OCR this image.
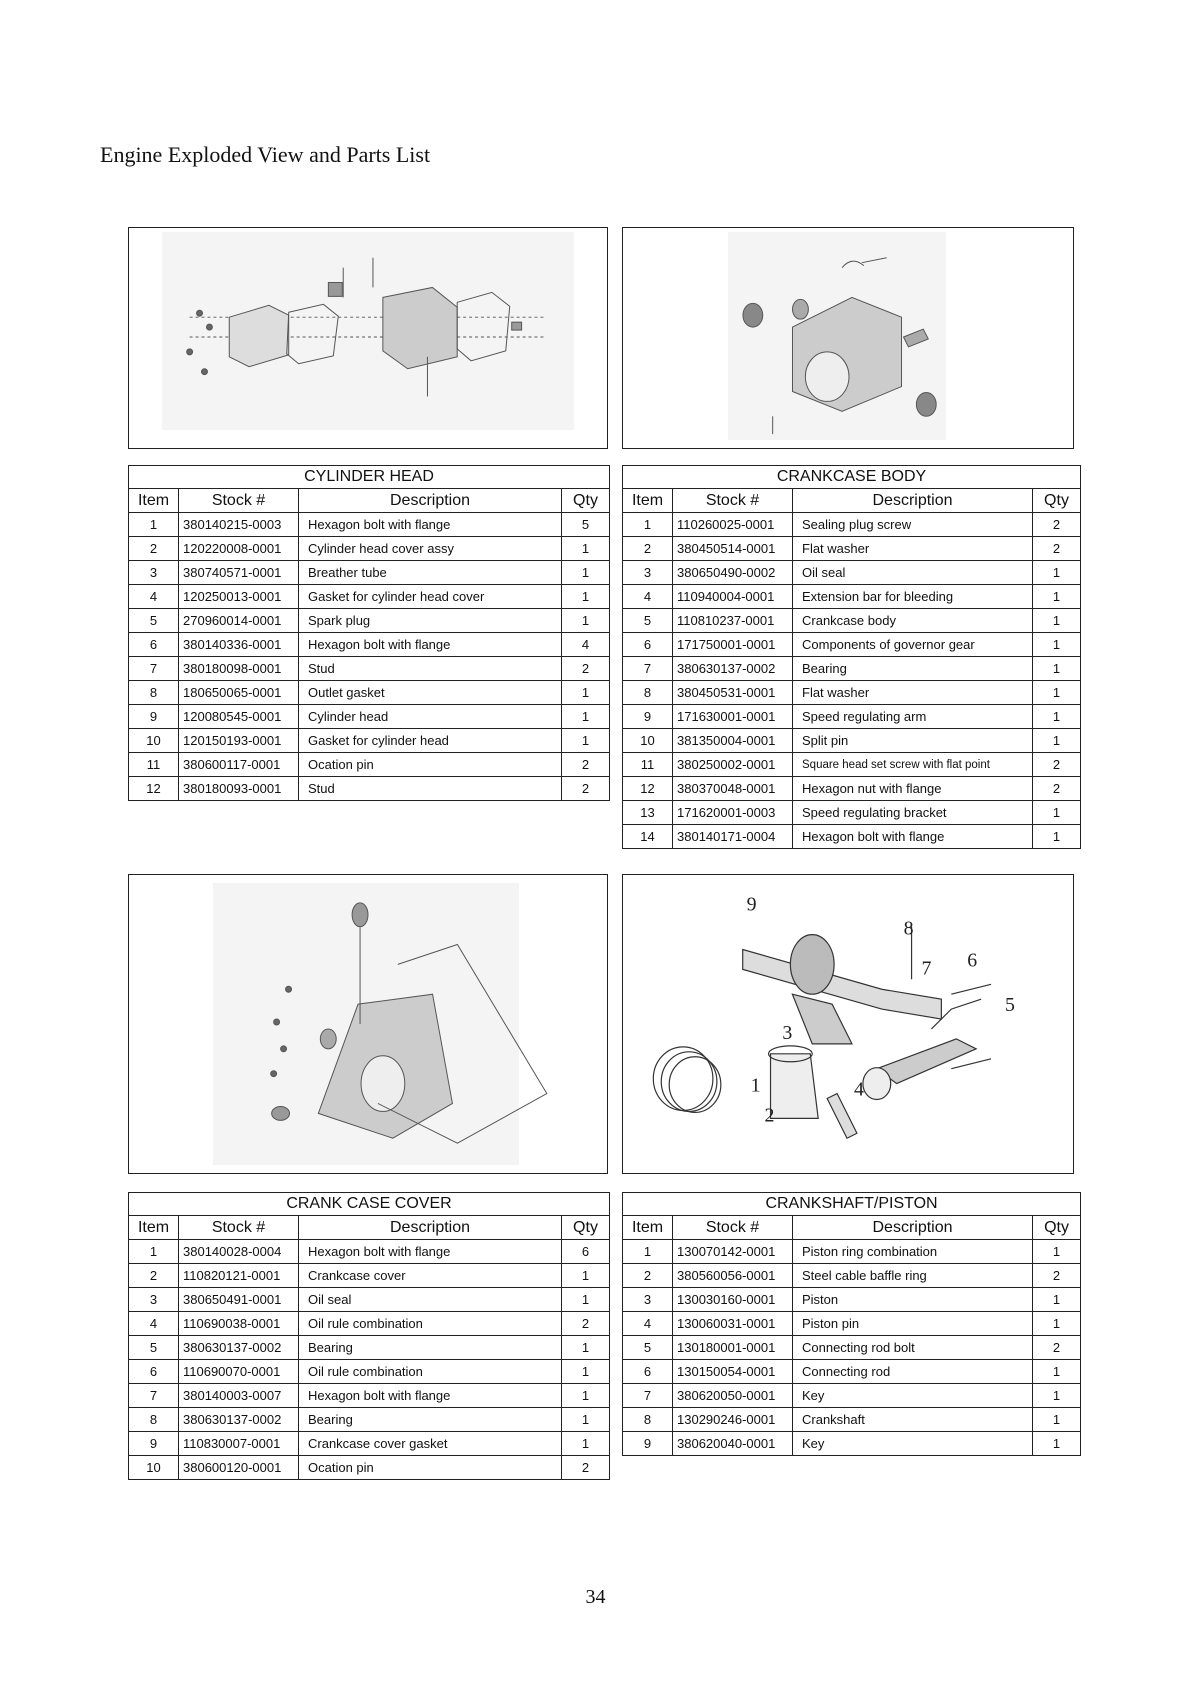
Engine Exploded View and Parts List
1
2
3
4
5
6
7
8
9
CYLINDER HEAD			
Item	Stock #	Description	Qty
1	380140215-0003	Hexagon bolt with flange	5
2	120220008-0001	Cylinder head cover assy	1
3	380740571-0001	Breather tube	1
4	120250013-0001	Gasket for cylinder head cover	1
5	270960014-0001	Spark plug	1
6	380140336-0001	Hexagon bolt with flange	4
7	380180098-0001	Stud	2
8	180650065-0001	Outlet gasket	1
9	120080545-0001	Cylinder head	1
10	120150193-0001	Gasket for cylinder head	1
11	380600117-0001	Ocation pin	2
12	380180093-0001	Stud	2
CRANKCASE BODY			
Item	Stock #	Description	Qty
1	110260025-0001	Sealing plug screw	2
2	380450514-0001	Flat washer	2
3	380650490-0002	Oil seal	1
4	110940004-0001	Extension bar for bleeding	1
5	110810237-0001	Crankcase body	1
6	171750001-0001	Components of governor gear	1
7	380630137-0002	Bearing	1
8	380450531-0001	Flat washer	1
9	171630001-0001	Speed regulating arm	1
10	381350004-0001	Split pin	1
11	380250002-0001	Square head set screw with flat point	2
12	380370048-0001	Hexagon nut with flange	2
13	171620001-0003	Speed regulating bracket	1
14	380140171-0004	Hexagon bolt with flange	1
CRANK CASE COVER			
Item	Stock #	Description	Qty
1	380140028-0004	Hexagon bolt with flange	6
2	110820121-0001	Crankcase cover	1
3	380650491-0001	Oil seal	1
4	110690038-0001	Oil rule combination	2
5	380630137-0002	Bearing	1
6	110690070-0001	Oil rule combination	1
7	380140003-0007	Hexagon bolt with flange	1
8	380630137-0002	Bearing	1
9	110830007-0001	Crankcase cover gasket	1
10	380600120-0001	Ocation pin	2
CRANKSHAFT/PISTON			
Item	Stock #	Description	Qty
1	130070142-0001	Piston ring combination	1
2	380560056-0001	Steel cable baffle ring	2
3	130030160-0001	Piston	1
4	130060031-0001	Piston pin	1
5	130180001-0001	Connecting rod bolt	2
6	130150054-0001	Connecting rod	1
7	380620050-0001	Key	1
8	130290246-0001	Crankshaft	1
9	380620040-0001	Key	1
34
